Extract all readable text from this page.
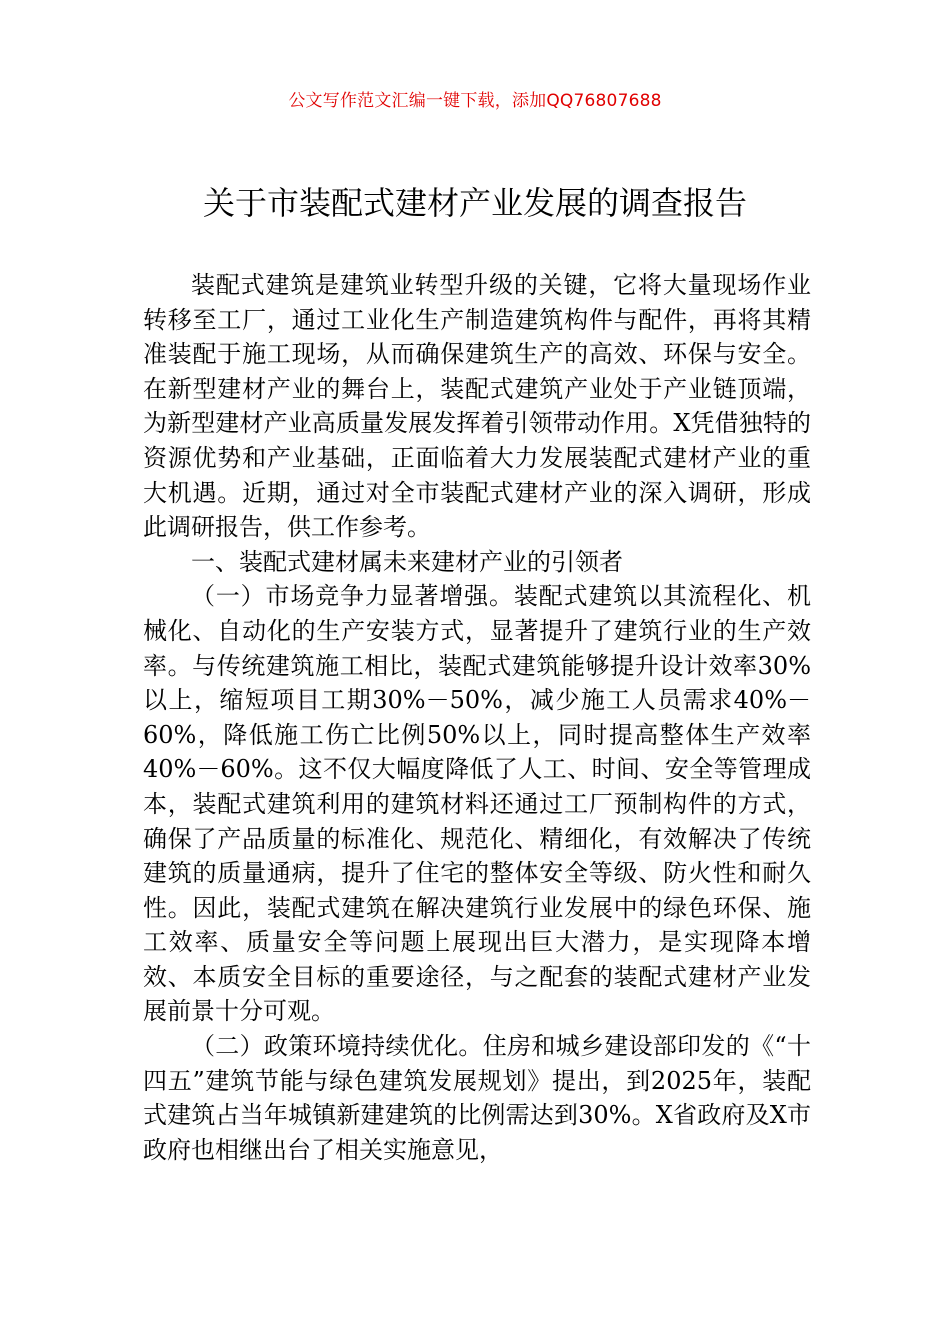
公文写作范文汇编一键下载，添加QQ76807688
关于市装配式建材产业发展的调查报告

装配式建筑是建筑业转型升级的关键，它将大量现场作业转移至工厂，通过工业化生产制造建筑构件与配件，再将其精准装配于施工现场，从而确保建筑生产的高效、环保与安全。在新型建材产业的舞台上，装配式建筑产业处于产业链顶端，为新型建材产业高质量发展发挥着引领带动作用。X凭借独特的资源优势和产业基础，正面临着大力发展装配式建材产业的重大机遇。近期，通过对全市装配式建材产业的深入调研，形成此调研报告，供工作参考。

一、装配式建材属未来建材产业的引领者

（一）市场竞争力显著增强。装配式建筑以其流程化、机械化、自动化的生产安装方式，显著提升了建筑行业的生产效率。与传统建筑施工相比，装配式建筑能够提升设计效率30%以上，缩短项目工期30%－50%，减少施工人员需求40%－60%，降低施工伤亡比例50%以上，同时提高整体生产效率40%－60%。这不仅大幅度降低了人工、时间、安全等管理成本，装配式建筑利用的建筑材料还通过工厂预制构件的方式，确保了产品质量的标准化、规范化、精细化，有效解决了传统建筑的质量通病，提升了住宅的整体安全等级、防火性和耐久性。因此，装配式建筑在解决建筑行业发展中的绿色环保、施工效率、质量安全等问题上展现出巨大潜力，是实现降本增效、本质安全目标的重要途径，与之配套的装配式建材产业发展前景十分可观。

（二）政策环境持续优化。住房和城乡建设部印发的《“十四五”建筑节能与绿色建筑发展规划》提出，到2025年，装配式建筑占当年城镇新建建筑的比例需达到30%。X省政府及X市政府也相继出台了相关实施意见，
